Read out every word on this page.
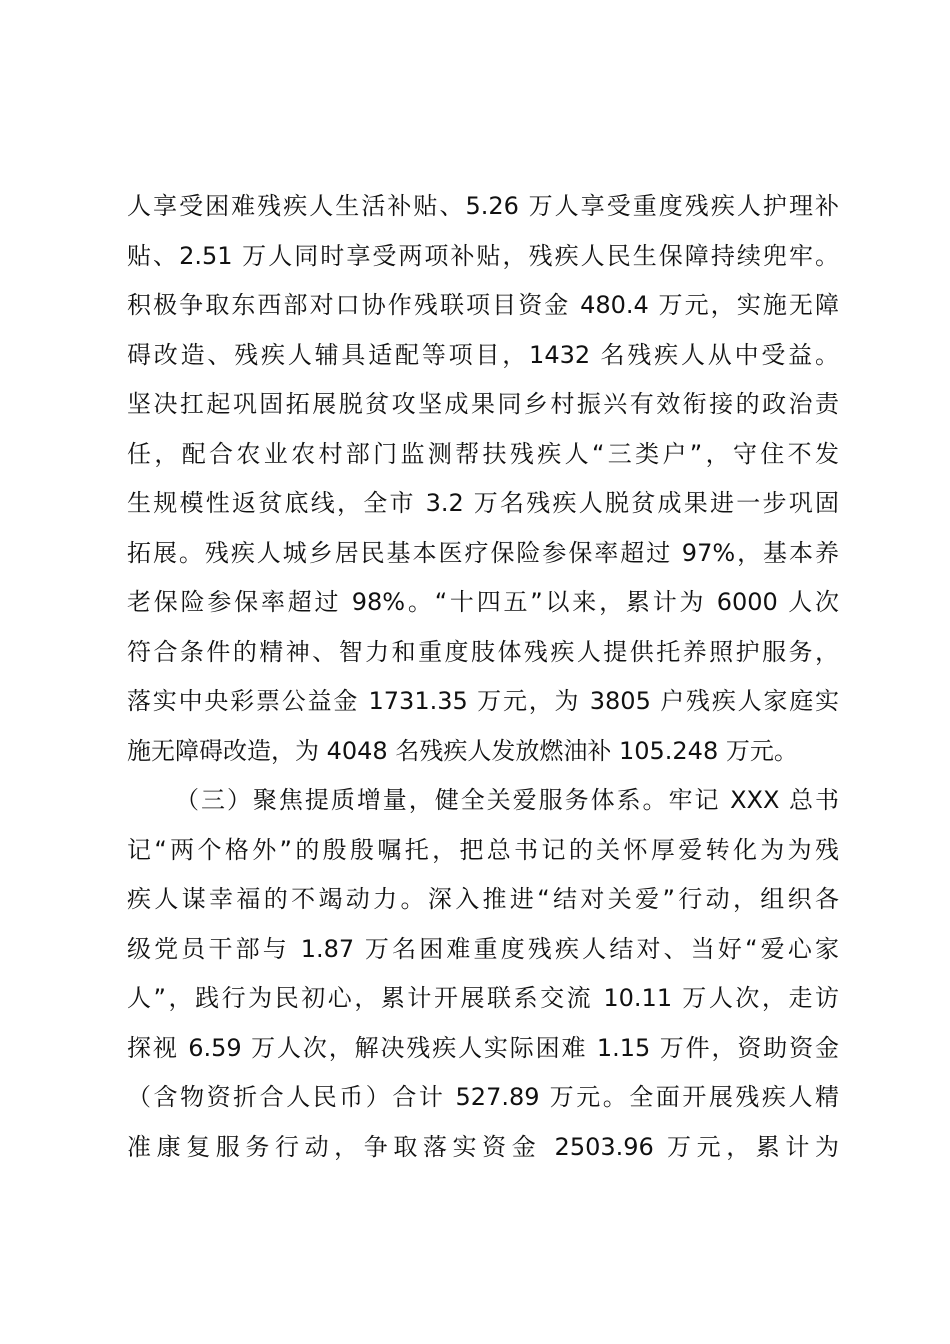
人享受困难残疾人生活补贴、5.26 万人享受重度残疾人护理补
贴、2.51 万人同时享受两项补贴，残疾人民生保障持续兜牢。
积极争取东西部对口协作残联项目资金 480.4 万元，实施无障
碍改造、残疾人辅具适配等项目，1432 名残疾人从中受益。
坚决扛起巩固拓展脱贫攻坚成果同乡村振兴有效衔接的政治责
任，配合农业农村部门监测帮扶残疾人“三类户”，守住不发
生规模性返贫底线，全市 3.2 万名残疾人脱贫成果进一步巩固
拓展。残疾人城乡居民基本医疗保险参保率超过 97%，基本养
老保险参保率超过 98%。“十四五”以来，累计为 6000 人次
符合条件的精神、智力和重度肢体残疾人提供托养照护服务，
落实中央彩票公益金 1731.35 万元，为 3805 户残疾人家庭实
施无障碍改造，为 4048 名残疾人发放燃油补 105.248 万元。
（三）聚焦提质增量，健全关爱服务体系。牢记 XXX 总书
记“两个格外”的殷殷嘱托，把总书记的关怀厚爱转化为为残
疾人谋幸福的不竭动力。深入推进“结对关爱”行动，组织各
级党员干部与 1.87 万名困难重度残疾人结对、当好“爱心家
人”，践行为民初心，累计开展联系交流 10.11 万人次，走访
探视 6.59 万人次，解决残疾人实际困难 1.15 万件，资助资金
（含物资折合人民币）合计 527.89 万元。全面开展残疾人精
准康复服务行动，争取落实资金 2503.96 万元，累计为
